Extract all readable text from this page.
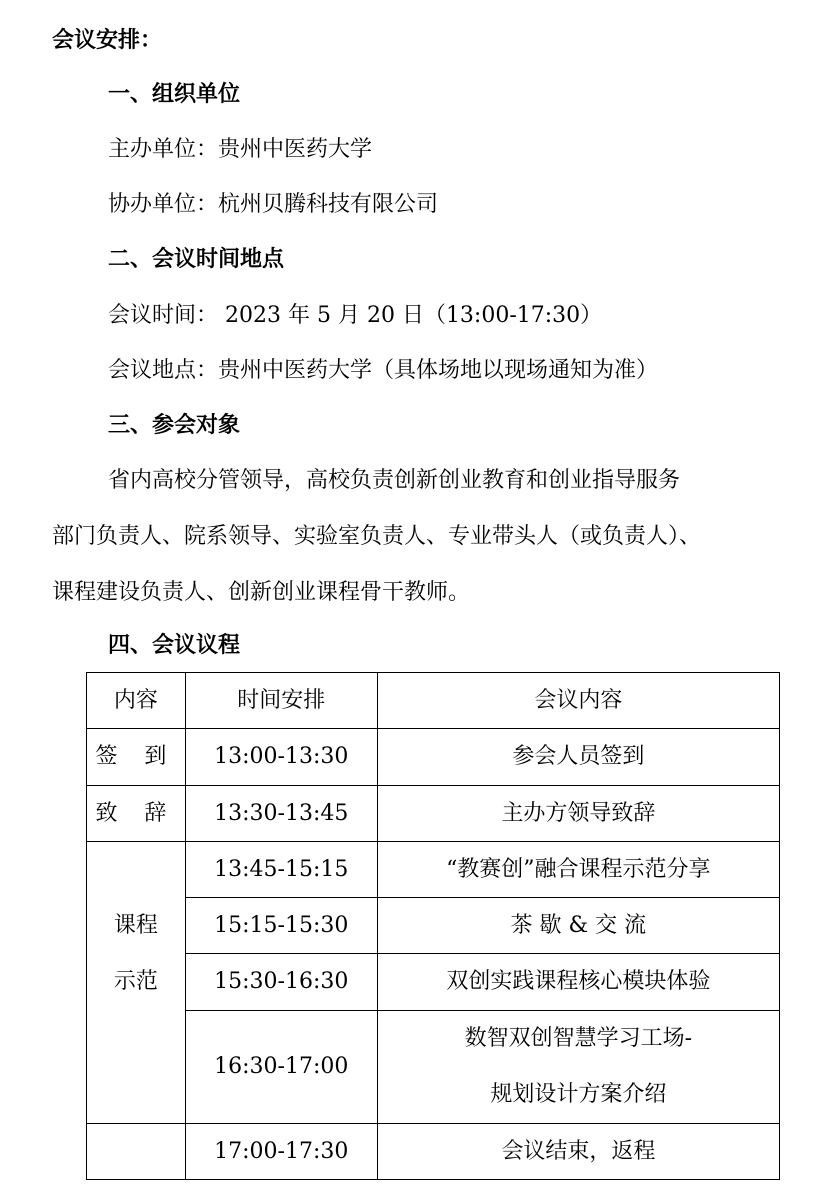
会议安排：
一、组织单位
主办单位：贵州中医药大学
协办单位：杭州贝腾科技有限公司
二、会议时间地点
会议时间： 2023 年 5 月 20 日（13:00-17:30）
会议地点：贵州中医药大学（具体场地以现场通知为准）
三、参会对象
省内高校分管领导，高校负责创新创业教育和创业指导服务
部门负责人、院系领导、实验室负责人、专业带头人（或负责人）、
课程建设负责人、创新创业课程骨干教师。
四、会议议程
内容	时间安排	会议内容
签 到	13:00-13:30	参会人员签到
致 辞	13:30-13:45	主办方领导致辞

课程
示范	13:45-15:15	“教赛创”融合课程示范分享
	15:15-15:30	茶 歇 & 交 流
	15:30-16:30	双创实践课程核心模块体验
	16:30-17:00	数智双创智慧学习工场-
规划设计方案介绍

	17:00-17:30	会议结束，返程
